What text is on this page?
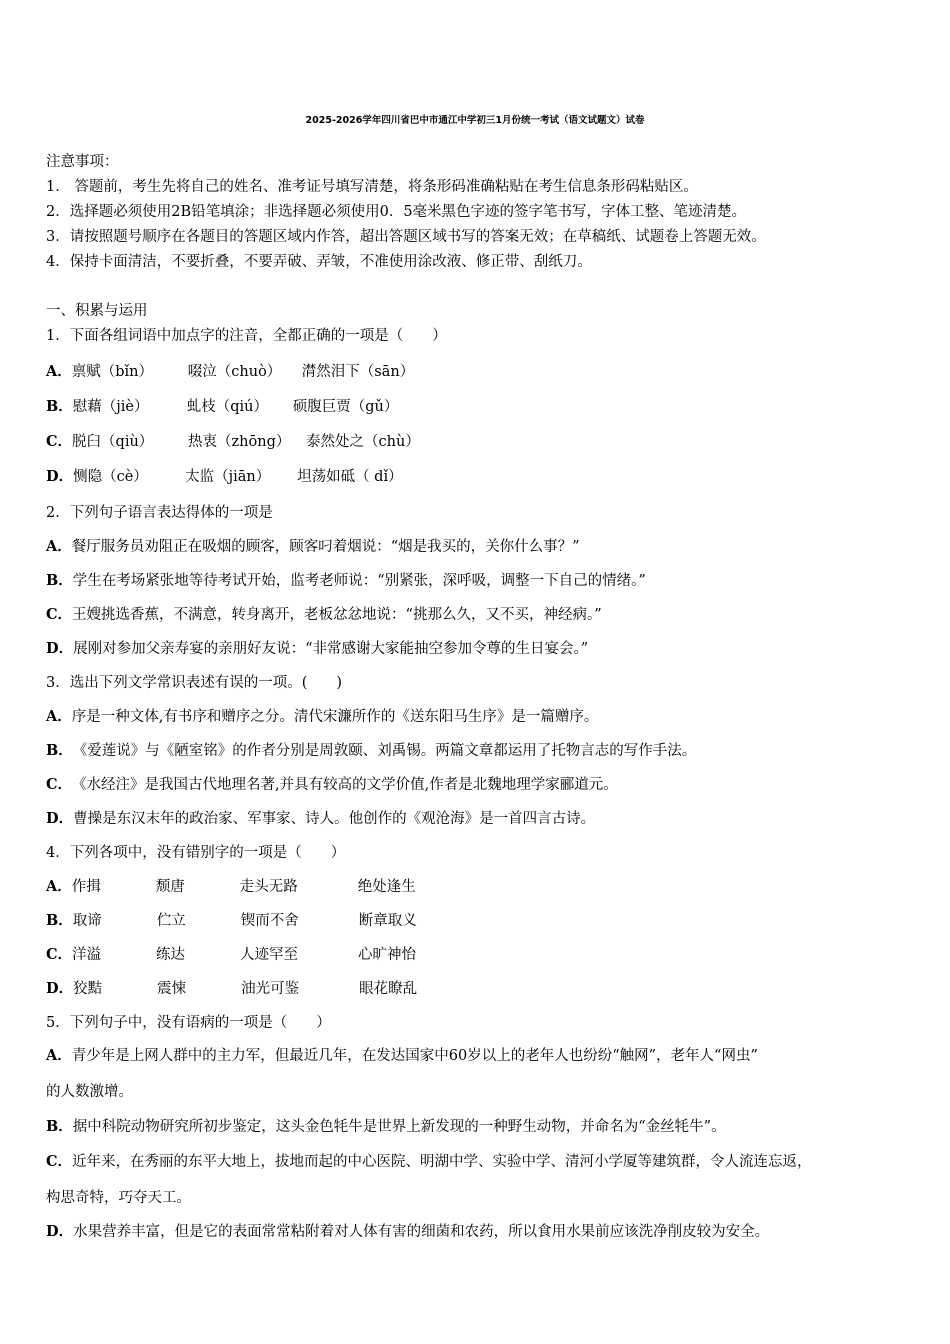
2025-2026学年四川省巴中市通江中学初三1月份统一考试（语文试题文）试卷
注意事项：
1． 答题前，考生先将自己的姓名、准考证号填写清楚，将条形码准确粘贴在考生信息条形码粘贴区。
2．选择题必须使用2B铅笔填涂；非选择题必须使用0．5毫米黑色字迹的签字笔书写，字体工整、笔迹清楚。
3．请按照题号顺序在各题目的答题区域内作答，超出答题区域书写的答案无效；在草稿纸、试题卷上答题无效。
4．保持卡面清洁，不要折叠，不要弄破、弄皱，不准使用涂改液、修正带、刮纸刀。
一、积累与运用
1．下面各组词语中加点字的注音，全都正确的一项是（　　）
A．禀赋（bǐn） 啜泣（chuò） 潸然泪下（sān）
B．慰藉（jiè）	虬枝（qiú） 硕腹巨贾（gǔ）
C．脱臼（qiù） 热衷（zhōng） 泰然处之（chù）
D．恻隐（cè）	太监（jiān） 坦荡如砥（ dǐ）
2．下列句子语言表达得体的一项是
A．餐厅服务员劝阻正在吸烟的顾客，顾客叼着烟说：“烟是我买的，关你什么事？”
B．学生在考场紧张地等待考试开始，监考老师说：“别紧张，深呼吸，调整一下自己的情绪。”
C．王嫂挑选香蕉，不满意，转身离开，老板忿忿地说：“挑那么久，又不买，神经病。”
D．展刚对参加父亲寿宴的亲朋好友说：“非常感谢大家能抽空参加令尊的生日宴会。”
3．选出下列文学常识表述有误的一项。(　　)
A．序是一种文体,有书序和赠序之分。清代宋濂所作的《送东阳马生序》是一篇赠序。
B．《爱莲说》与《陋室铭》的作者分别是周敦颐、刘禹锡。两篇文章都运用了托物言志的写作手法。
C．《水经注》是我国古代地理名著,并具有较高的文学价值,作者是北魏地理学家郦道元。
D．曹操是东汉末年的政治家、军事家、诗人。他创作的《观沧海》是一首四言古诗。
4．下列各项中，没有错别字的一项是（　　）
A．作揖	颓唐	走头无路	绝处逢生
B．取谛	伫立	锲而不舍	断章取义
C．洋溢	练达	人迹罕至	心旷神怡
D．狡黠	震悚	油光可鉴	眼花瞭乱
5．下列句子中，没有语病的一项是（　　）
A．青少年是上网人群中的主力军，但最近几年，在发达国家中60岁以上的老年人也纷纷“触网”，老年人“网虫”
的人数激增。
B．据中科院动物研究所初步鉴定，这头金色牦牛是世界上新发现的一种野生动物，并命名为“金丝牦牛”。
C．近年来，在秀丽的东平大地上，拔地而起的中心医院、明湖中学、实验中学、清河小学厦等建筑群，令人流连忘返，
构思奇特，巧夺天工。
D．水果营养丰富，但是它的表面常常粘附着对人体有害的细菌和农药，所以食用水果前应该洗净削皮较为安全。
